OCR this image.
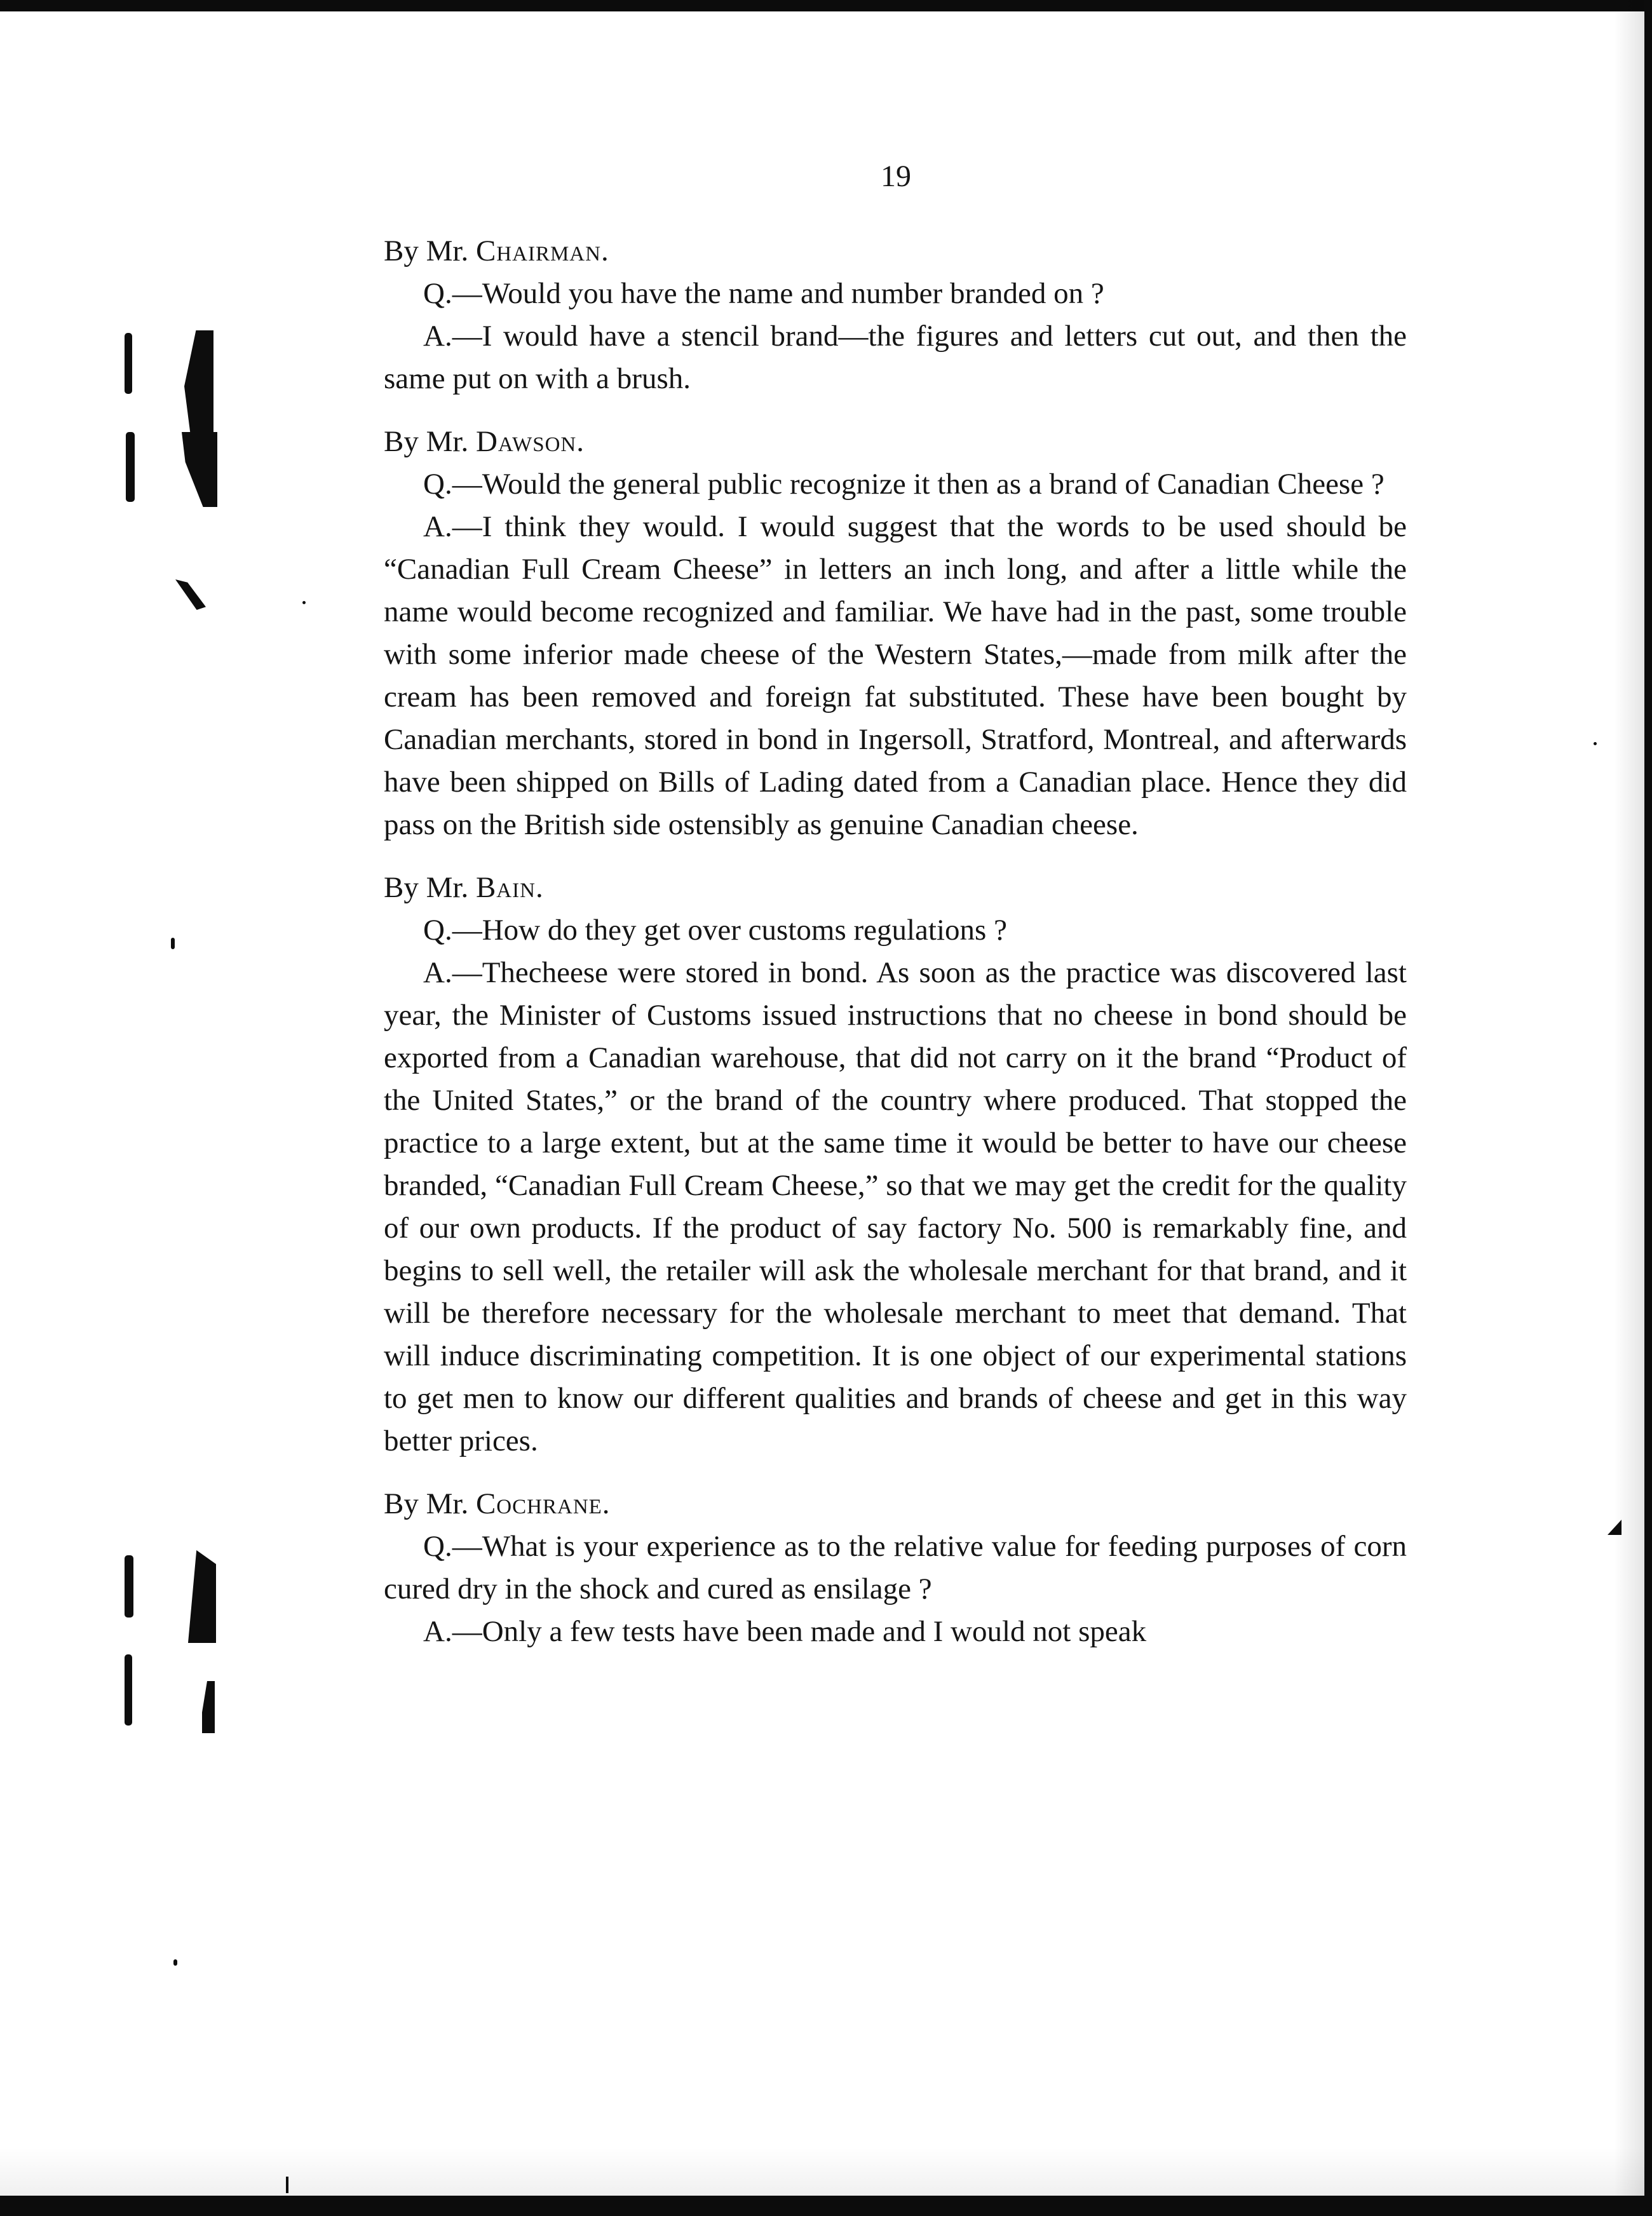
19

By Mr. Chairman.

Q.—Would you have the name and number branded on ?

A.—I would have a stencil brand—the figures and letters cut out, and then the same put on with a brush.

By Mr. Dawson.

Q.—Would the general public recognize it then as a brand of Canadian Cheese ?

A.—I think they would. I would suggest that the words to be used should be “Canadian Full Cream Cheese” in letters an inch long, and after a little while the name would become recognized and familiar. We have had in the past, some trouble with some inferior made cheese of the Western States,—made from milk after the cream has been removed and foreign fat substituted. These have been bought by Canadian merchants, stored in bond in Ingersoll, Stratford, Montreal, and afterwards have been shipped on Bills of Lading dated from a Canadian place. Hence they did pass on the British side ostensibly as genuine Canadian cheese.

By Mr. Bain.

Q.—How do they get over customs regulations ?

A.—Thecheese were stored in bond. As soon as the practice was discovered last year, the Minister of Customs issued instructions that no cheese in bond should be exported from a Canadian warehouse, that did not carry on it the brand “Product of the United States,” or the brand of the country where produced. That stopped the practice to a large extent, but at the same time it would be better to have our cheese branded, “Canadian Full Cream Cheese,” so that we may get the credit for the quality of our own products. If the product of say factory No. 500 is remarkably fine, and begins to sell well, the retailer will ask the wholesale merchant for that brand, and it will be therefore necessary for the wholesale merchant to meet that demand. That will induce discriminating competition. It is one object of our experimental stations to get men to know our different qualities and brands of cheese and get in this way better prices.

By Mr. Cochrane.

Q.—What is your experience as to the relative value for feeding purposes of corn cured dry in the shock and cured as ensilage ?

A.—Only a few tests have been made and I would not speak
